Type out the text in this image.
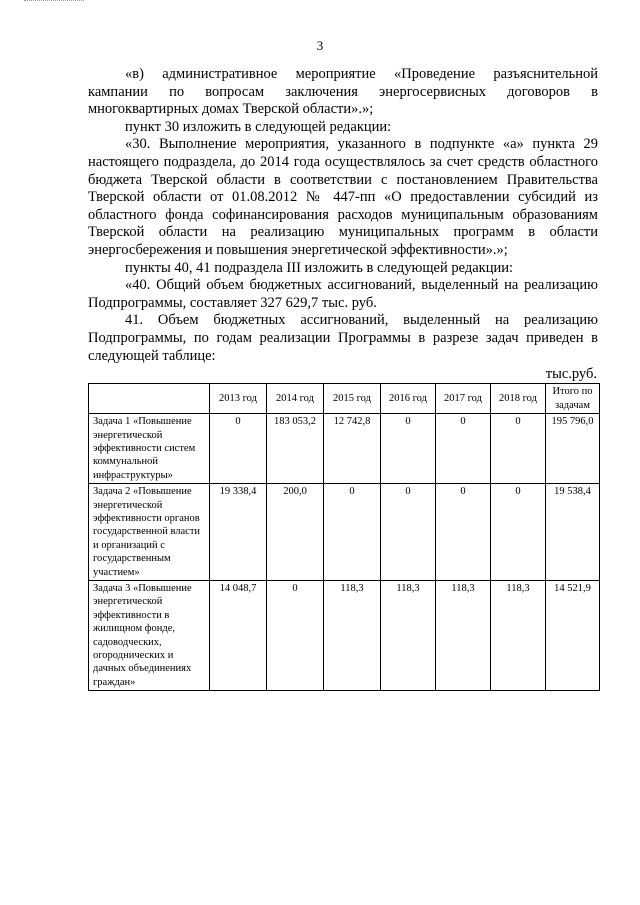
3

«в) административное мероприятие «Проведение разъяснительной кампании по вопросам заключения энергосервисных договоров в многоквартирных домах Тверской области».»;

пункт 30 изложить в следующей редакции:

«30. Выполнение мероприятия, указанного в подпункте «а» пункта 29 настоящего подраздела, до 2014 года осуществлялось за счет средств областного бюджета Тверской области в соответствии с постановлением Правительства Тверской области от 01.08.2012 № 447-пп «О предоставлении субсидий из областного фонда софинансирования расходов муниципальным образованиям Тверской области на реализацию муниципальных программ в области энергосбережения и повышения энергетической эффективности».»;

пункты 40, 41 подраздела III изложить в следующей редакции:

«40. Общий объем бюджетных ассигнований, выделенный на реализацию Подпрограммы, составляет 327 629,7 тыс. руб.

41. Объем бюджетных ассигнований, выделенный на реализацию Подпрограммы, по годам реализации Программы в разрезе задач приведен в следующей таблице:

тыс.руб.
	2013 год	2014 год	2015 год	2016 год	2017 год	2018 год	Итого по задачам
Задача 1 «Повышение энергетической эффективности систем коммунальной инфраструктуры»	0	183 053,2	12 742,8	0	0	0	195 796,0
Задача 2 «Повышение энергетической эффективности органов государственной власти и организаций с государственным участием»	19 338,4	200,0	0	0	0	0	19 538,4
Задача 3 «Повышение энергетической эффективности в жилищном фонде, садоводческих, огороднических и дачных объединениях граждан»	14 048,7	0	118,3	118,3	118,3	118,3	14 521,9
